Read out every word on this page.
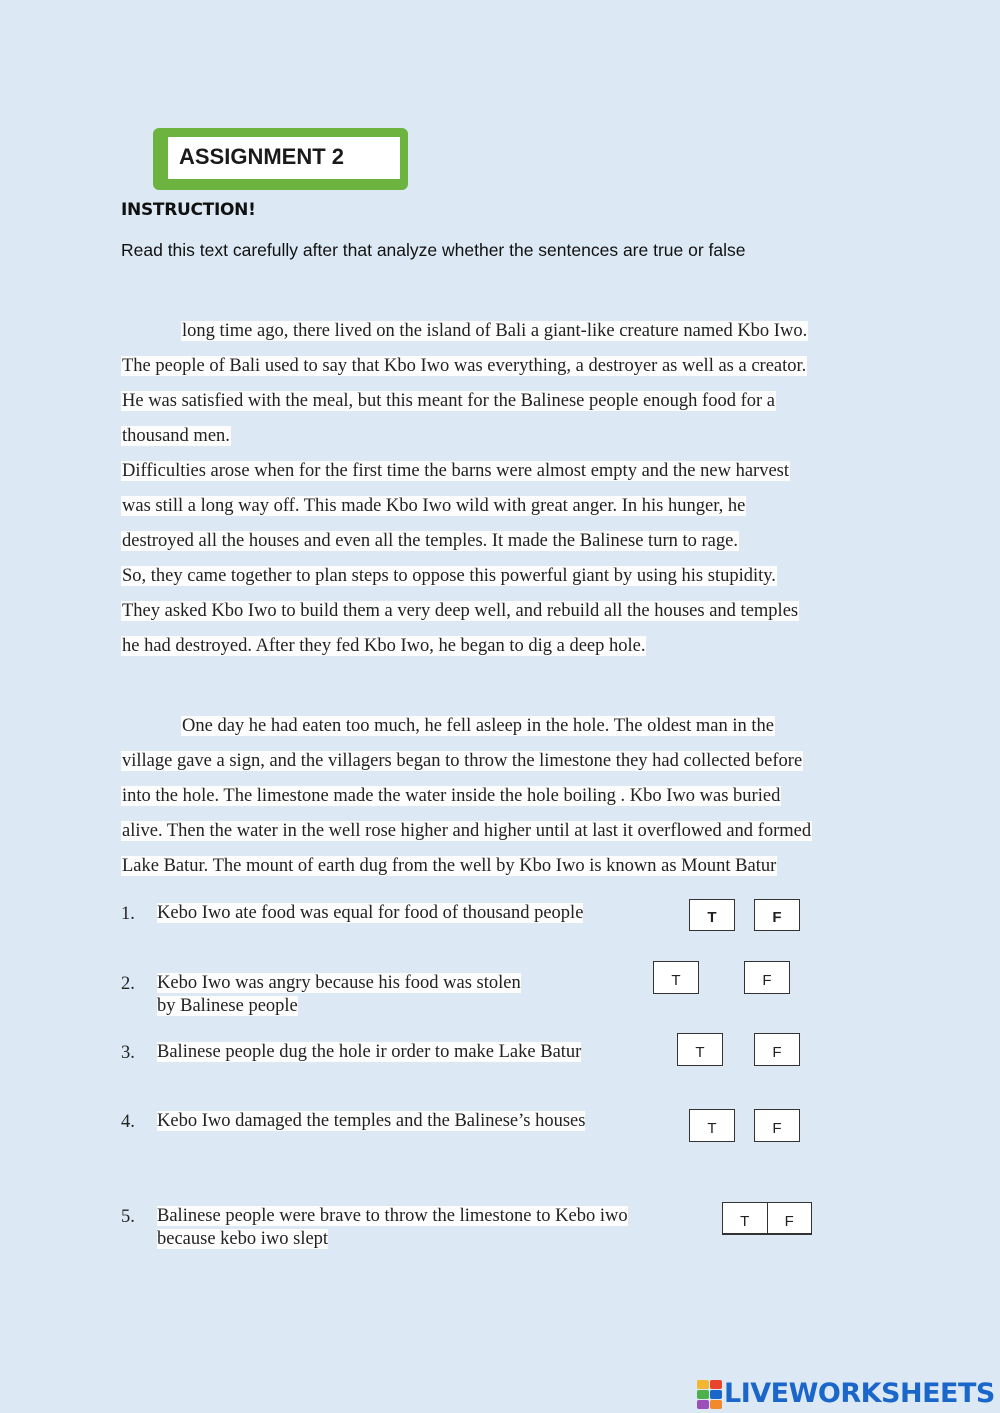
ASSIGNMENT 2
INSTRUCTION!
Read this text carefully after that analyze whether the sentences are true or false
long time ago, there lived on the island of Bali a giant-like creature named Kbo Iwo.
The people of Bali used to say that Kbo Iwo was everything, a destroyer as well as a creator.
He was satisfied with the meal, but this meant for the Balinese people enough food for a
thousand men.
Difficulties arose when for the first time the barns were almost empty and the new harvest
was still a long way off. This made Kbo Iwo wild with great anger. In his hunger, he
destroyed all the houses and even all the temples. It made the Balinese turn to rage.
So, they came together to plan steps to oppose this powerful giant by using his stupidity.
They asked Kbo Iwo to build them a very deep well, and rebuild all the houses and temples
he had destroyed. After they fed Kbo Iwo, he began to dig a deep hole.
One day he had eaten too much, he fell asleep in the hole. The oldest man in the
village gave a sign, and the villagers began to throw the limestone they had collected before
into the hole. The limestone made the water inside the hole boiling . Kbo Iwo was buried
alive. Then the water in the well rose higher and higher until at last it overflowed and formed
Lake Batur. The mount of earth dug from the well by Kbo Iwo is known as Mount Batur
1. Kebo Iwo ate food was equal for food of thousand people	T	F
2. Kebo Iwo was angry because his food was stolen
by Balinese people
T	F
3. Balinese people dug the hole ir order to make Lake Batur	T	F
4. Kebo Iwo damaged the temples and the Balinese’s houses	T	F
5. Balinese people were brave to throw the limestone to Kebo iwo
because kebo iwo slept
T	F
LIVEWORKSHEETS
